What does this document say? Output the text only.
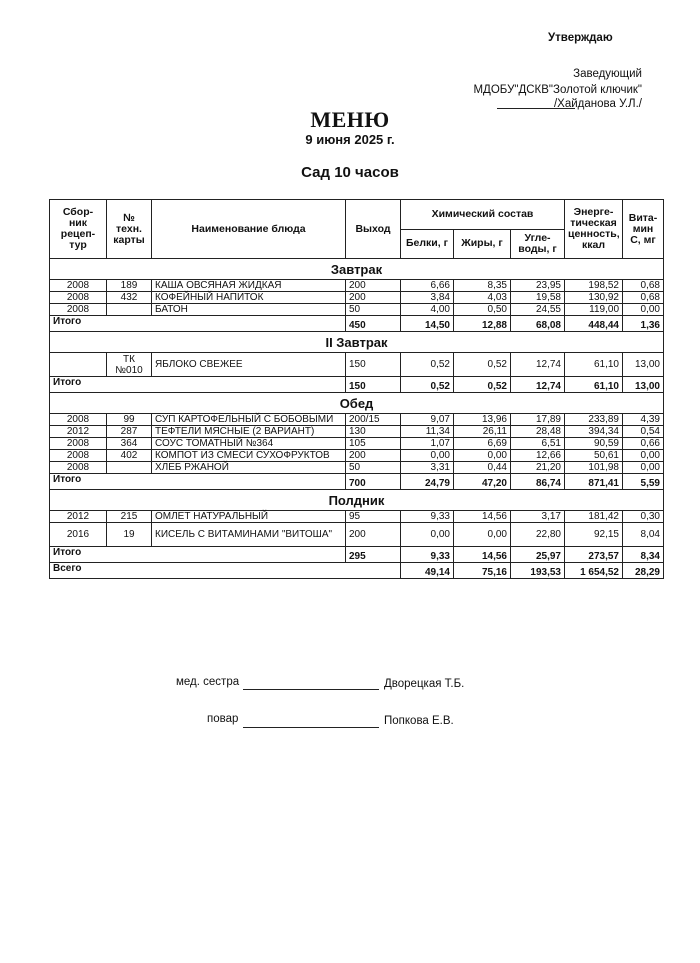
Утверждаю
Заведующий
МДОБУ"ДСКВ"Золотой ключик"
/Хайданова У.Л./
МЕНЮ
9 июня 2025 г.
Сад 10 часов
Сбор-
ник
рецеп-
тур	№
техн.
карты	Наименование блюда	Выход	Химический состав			Энерге-
тическая
ценность,
ккал	Вита-
мин
С, мг
				Белки, г	Жиры, г	Угле-
воды, г		
Завтрак								
2008	189	КАША ОВСЯНАЯ ЖИДКАЯ	200	6,66	8,35	23,95	198,52	0,68
2008	432	КОФЕЙНЫЙ НАПИТОК	200	3,84	4,03	19,58	130,92	0,68
2008		БАТОН	50	4,00	0,50	24,55	119,00	0,00
Итого			450	14,50	12,88	68,08	448,44	1,36
II Завтрак								
	ТК
№010	ЯБЛОКО СВЕЖЕЕ	150	0,52	0,52	12,74	61,10	13,00
Итого			150	0,52	0,52	12,74	61,10	13,00
Обед								
2008	99	СУП КАРТОФЕЛЬНЫЙ С БОБОВЫМИ	200/15	9,07	13,96	17,89	233,89	4,39
2012	287	ТЕФТЕЛИ МЯСНЫЕ (2 ВАРИАНТ)	130	11,34	26,11	28,48	394,34	0,54
2008	364	СОУС ТОМАТНЫЙ №364	105	1,07	6,69	6,51	90,59	0,66
2008	402	КОМПОТ ИЗ СМЕСИ СУХОФРУКТОВ	200	0,00	0,00	12,66	50,61	0,00
2008		ХЛЕБ РЖАНОЙ	50	3,31	0,44	21,20	101,98	0,00
Итого			700	24,79	47,20	86,74	871,41	5,59
Полдник								
2012	215	ОМЛЕТ НАТУРАЛЬНЫЙ	95	9,33	14,56	3,17	181,42	0,30
2016	19	КИСЕЛЬ С ВИТАМИНАМИ "ВИТОША"	200	0,00	0,00	22,80	92,15	8,04
Итого			295	9,33	14,56	25,97	273,57	8,34
Всего				49,14	75,16	193,53	1 654,52	28,29
мед. сестра	Дворецкая Т.Б.
повар	Попкова Е.В.
